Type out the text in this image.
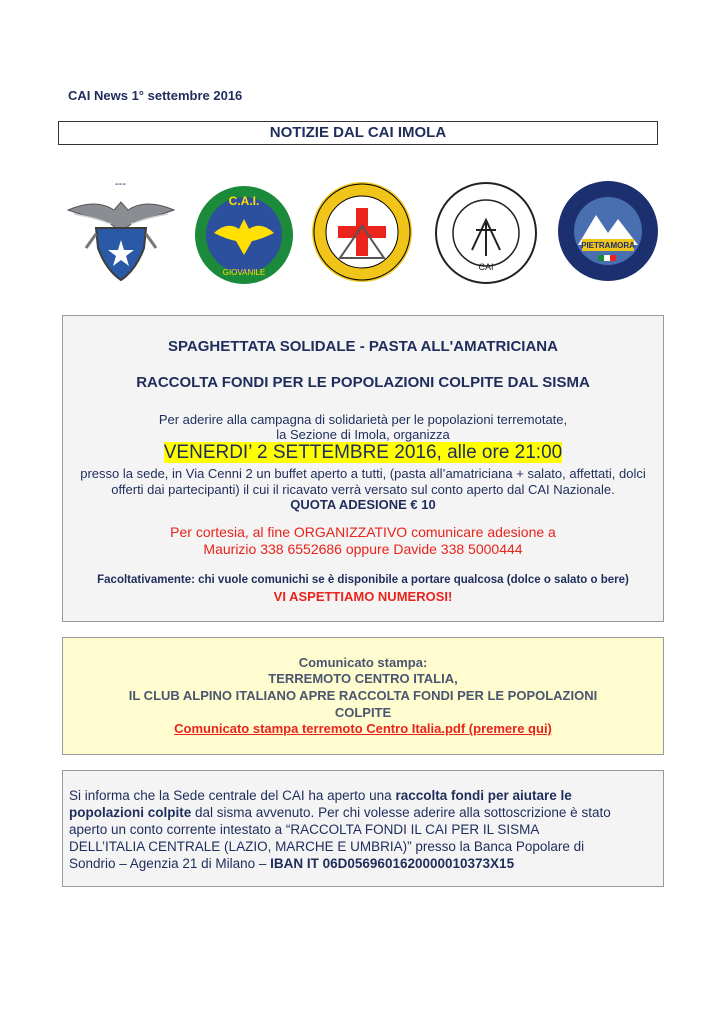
CAI News 1° settembre 2016
NOTIZIE DAL CAI IMOLA
---
C.A.I.
GIOVANILE
CAI
PIETRAMORA
SPAGHETTATA SOLIDALE - PASTA ALL'AMATRICIANA
RACCOLTA FONDI PER LE POPOLAZIONI COLPITE DAL SISMA
Per aderire alla campagna di solidarietà per le popolazioni terremotate,
la Sezione di Imola, organizza
VENERDI’ 2 SETTEMBRE 2016, alle ore 21:00
presso la sede, in Via Cenni 2 un buffet aperto a tutti, (pasta all’amatriciana + salato, affettati, dolci
offerti dai partecipanti) il cui il ricavato verrà versato sul conto aperto dal CAI Nazionale.
QUOTA ADESIONE € 10
Per cortesia, al fine ORGANIZZATIVO comunicare adesione a
Maurizio 338 6552686 oppure Davide 338 5000444
Facoltativamente: chi vuole comunichi se è disponibile a portare qualcosa (dolce o salato o bere)
VI ASPETTIAMO NUMEROSI!
Comunicato stampa:
TERREMOTO CENTRO ITALIA,
IL CLUB ALPINO ITALIANO APRE RACCOLTA FONDI PER LE POPOLAZIONI
COLPITE
Comunicato stampa terremoto Centro Italia.pdf (premere qui)
Si informa che la Sede centrale del CAI ha aperto una raccolta fondi per aiutare le
popolazioni colpite dal sisma avvenuto. Per chi volesse aderire alla sottoscrizione è stato
aperto un conto corrente intestato a “RACCOLTA FONDI IL CAI PER IL SISMA
DELL’ITALIA CENTRALE (LAZIO, MARCHE E UMBRIA)” presso la Banca Popolare di
Sondrio – Agenzia 21 di Milano – IBAN IT 06D0569601620000010373X15
